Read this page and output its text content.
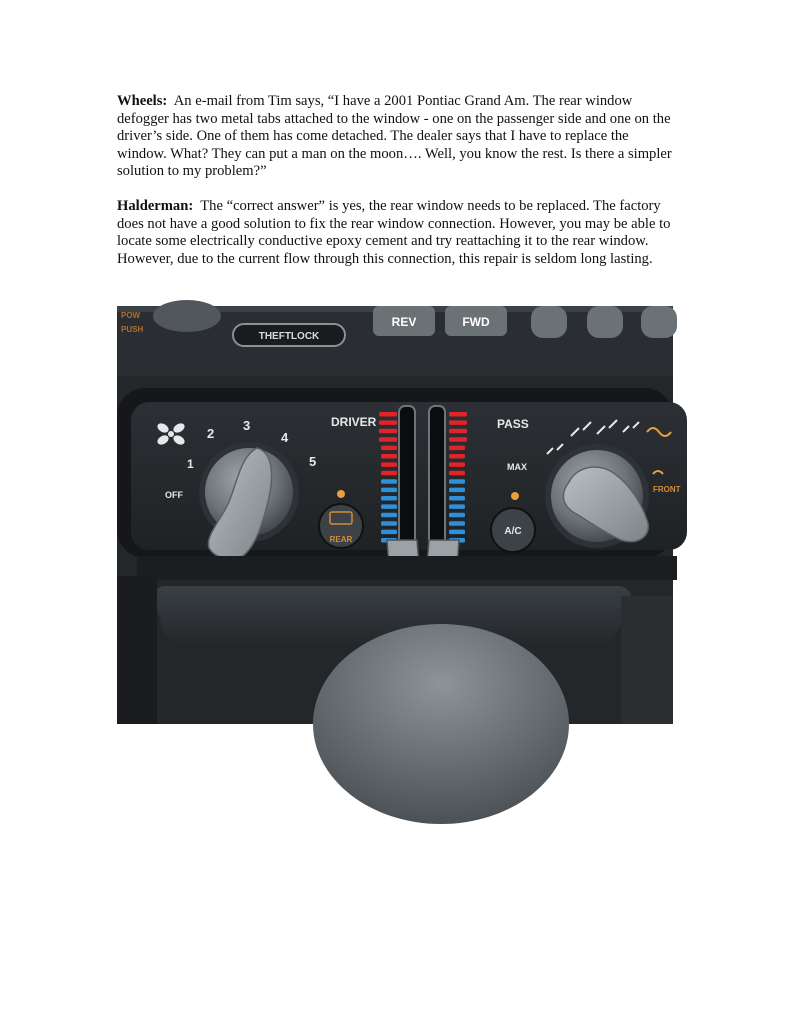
Wheels: An e-mail from Tim says, “I have a 2001 Pontiac Grand Am. The rear window defogger has two metal tabs attached to the window - one on the passenger side and one on the driver’s side. One of them has come detached. The dealer says that I have to replace the window. What? They can put a man on the moon…. Well, you know the rest. Is there a simpler solution to my problem?”

Halderman: The “correct answer” is yes, the rear window needs to be replaced. The factory does not have a good solution to fix the rear window connection. However, you may be able to locate some electrically conductive epoxy cement and try reattaching it to the rear window. However, due to the current flow through this connection, this repair is seldom long lasting.

POW
PUSH
THEFTLOCK
REV	FWD
1
2
3
4
5
OFF
REAR
DRIVER	PASS
A/C
MAX
FRONT
